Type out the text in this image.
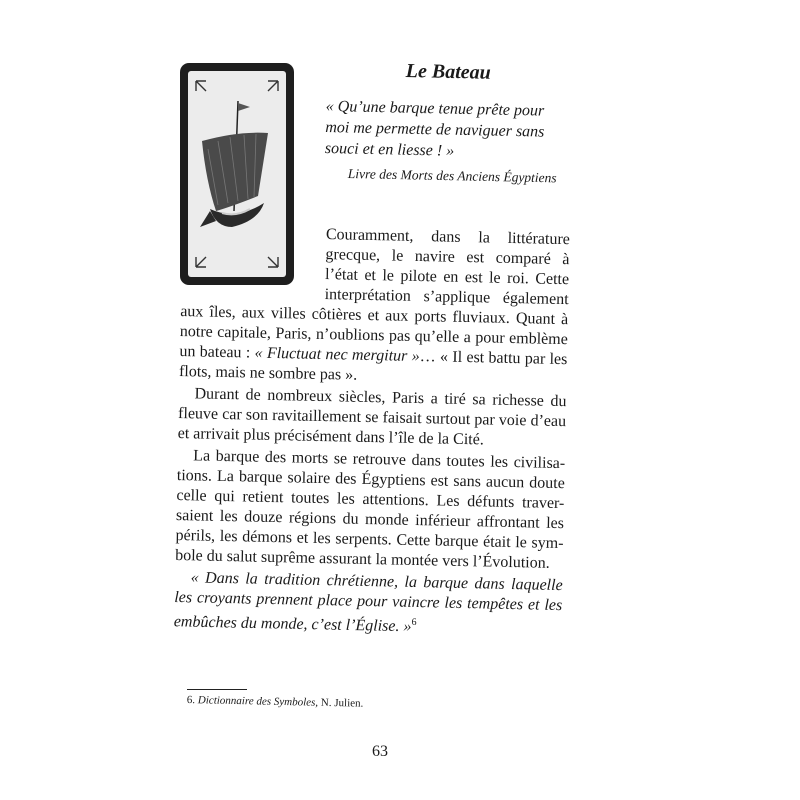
Le Bateau
« Qu’une barque tenue prête pour
moi me permette de naviguer sans
souci et en liesse ! »
Livre des Morts des Anciens Égyptiens
Couramment, dans la littérature
grecque, le navire est comparé à
l’état et le pilote en est le roi. Cette
interprétation s’applique également
aux îles, aux villes côtières et aux ports fluviaux. Quant à
notre capitale, Paris, n’oublions pas qu’elle a pour emblème
un bateau : « Fluctuat nec mergitur »… « Il est battu par les
flots, mais ne sombre pas ».
Durant de nombreux siècles, Paris a tiré sa richesse du
fleuve car son ravitaillement se faisait surtout par voie d’eau
et arrivait plus précisément dans l’île de la Cité.
La barque des morts se retrouve dans toutes les civilisa-
tions. La barque solaire des Égyptiens est sans aucun doute
celle qui retient toutes les attentions. Les défunts traver-
saient les douze régions du monde inférieur affrontant les
périls, les démons et les serpents. Cette barque était le sym-
bole du salut suprême assurant la montée vers l’Évolution.
« Dans la tradition chrétienne, la barque dans laquelle
les croyants prennent place pour vaincre les tempêtes et les
embûches du monde, c’est l’Église. »$^6$
6. Dictionnaire des Symboles, N. Julien.
63
